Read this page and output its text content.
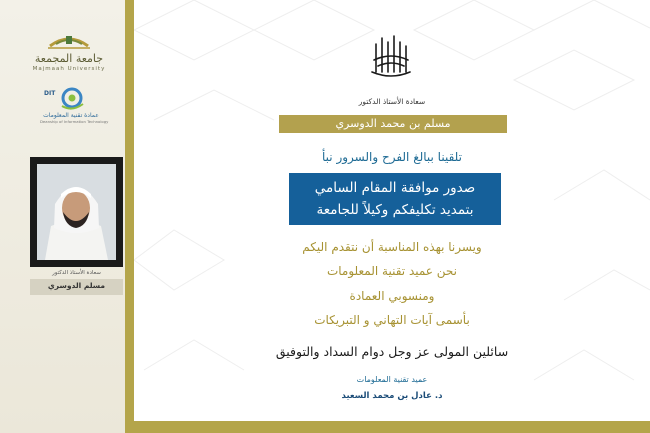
جامعة المجمعة
Majmaah University
DIT
عمادة تقنية المعلومات
Deanship of Information Technology
سعادة الأستاذ الدكتور
مسلم الدوسري
سعادة الأستاذ الدكتور
مسلم بن محمد الدوسري
تلقينا ببالغ الفرح والسرور نبأ
صدور موافقة المقام السامي
بتمديد تكليفكم وكيلاً للجامعة
ويسرنا بهذه المناسبة أن نتقدم اليكم
نحن عميد تقنية المعلومات
ومنسوبي العمادة
بأسمى آيات التهاني و التبريكات
سائلين المولى عز وجل دوام السداد والتوفيق
عميد تقنية المعلومات
د. عادل بن محمد السعيد
